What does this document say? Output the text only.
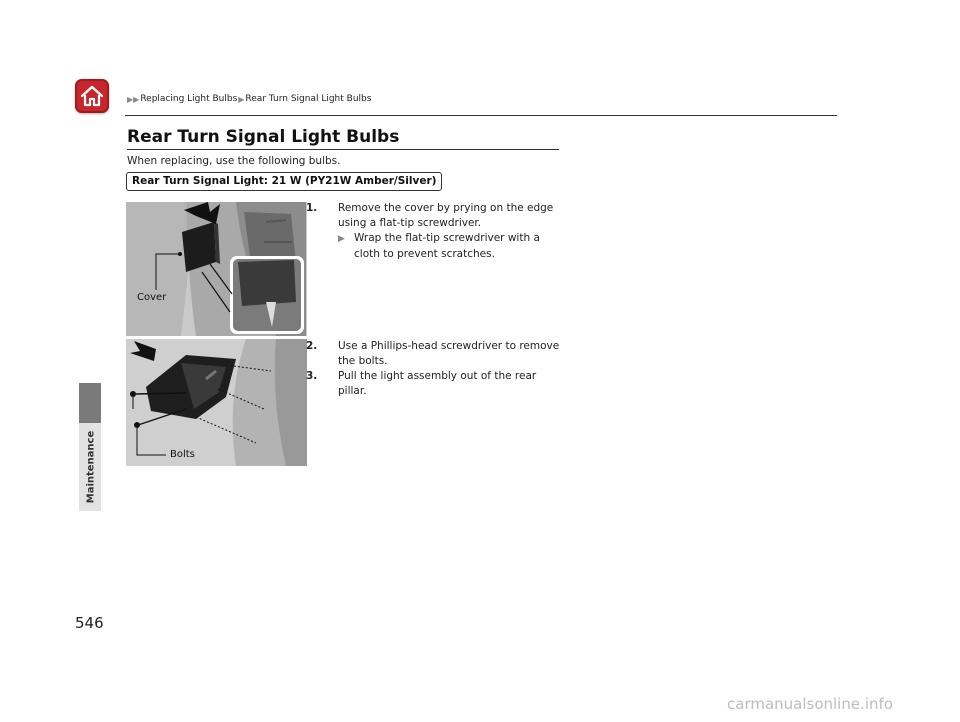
Maintenance
▶▶ Replacing Light Bulbs ▶ Rear Turn Signal Light Bulbs
Rear Turn Signal Light Bulbs
When replacing, use the following bulbs.
Rear Turn Signal Light: 21 W (PY21W Amber/Silver)
Cover
Bolts
1. Remove the cover by prying on the edge using a flat-tip screwdriver.
▶ Wrap the flat-tip screwdriver with a cloth to prevent scratches.
2. Use a Phillips-head screwdriver to remove the bolts.
3. Pull the light assembly out of the rear pillar.
546
carmanualsonline.info
